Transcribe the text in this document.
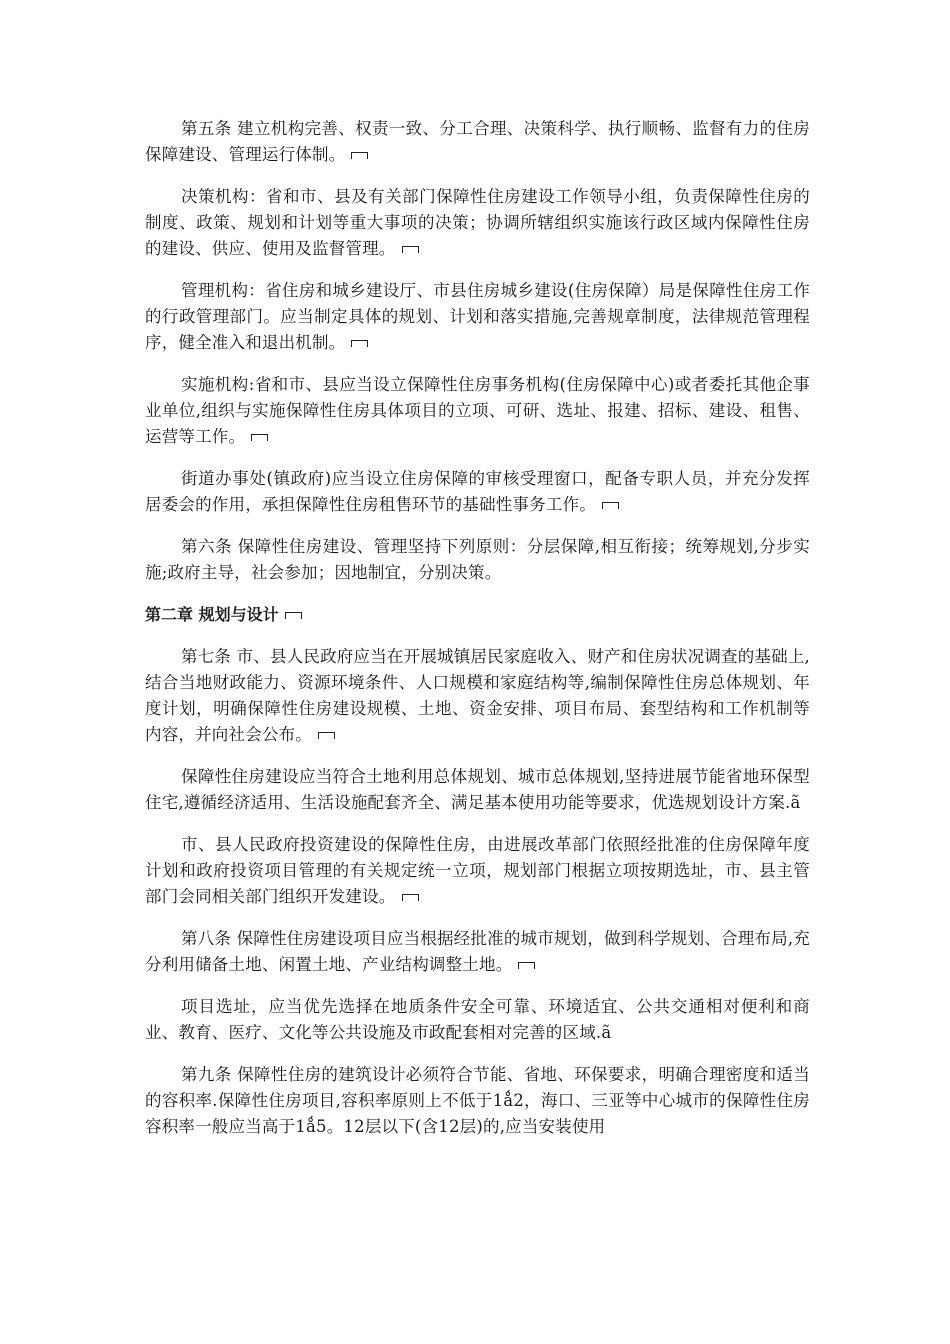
第五条 建立机构完善、权责一致、分工合理、决策科学、执行顺畅、监督有力的住房保障建设、管理运行体制。

决策机构：省和市、县及有关部门保障性住房建设工作领导小组，负责保障性住房的制度、政策、规划和计划等重大事项的决策；协调所辖组织实施该行政区域内保障性住房的建设、供应、使用及监督管理。

管理机构：省住房和城乡建设厅、市县住房城乡建设(住房保障）局是保障性住房工作的行政管理部门。应当制定具体的规划、计划和落实措施,完善规章制度，法律规范管理程序，健全准入和退出机制。

实施机构:省和市、县应当设立保障性住房事务机构(住房保障中心)或者委托其他企事业单位,组织与实施保障性住房具体项目的立项、可研、选址、报建、招标、建设、租售、运营等工作。

街道办事处(镇政府)应当设立住房保障的审核受理窗口，配备专职人员，并充分发挥居委会的作用，承担保障性住房租售环节的基础性事务工作。

第六条 保障性住房建设、管理坚持下列原则：分层保障,相互衔接；统筹规划,分步实施;政府主导，社会参加；因地制宜，分别决策。

第二章 规划与设计

第七条 市、县人民政府应当在开展城镇居民家庭收入、财产和住房状况调查的基础上,结合当地财政能力、资源环境条件、人口规模和家庭结构等,编制保障性住房总体规划、年度计划，明确保障性住房建设规模、土地、资金安排、项目布局、套型结构和工作机制等内容，并向社会公布。

保障性住房建设应当符合土地利用总体规划、城市总体规划,坚持进展节能省地环保型住宅,遵循经济适用、生活设施配套齐全、满足基本使用功能等要求，优选规划设计方案.ã

市、县人民政府投资建设的保障性住房，由进展改革部门依照经批准的住房保障年度计划和政府投资项目管理的有关规定统一立项，规划部门根据立项按期选址，市、县主管部门会同相关部门组织开发建设。

第八条 保障性住房建设项目应当根据经批准的城市规划，做到科学规划、合理布局,充分利用储备土地、闲置土地、产业结构调整土地。

项目选址，应当优先选择在地质条件安全可靠、环境适宜、公共交通相对便利和商业、教育、医疗、文化等公共设施及市政配套相对完善的区域.ã

第九条 保障性住房的建筑设计必须符合节能、省地、环保要求，明确合理密度和适当的容积率.保障性住房项目,容积率原则上不低于1ǻ2，海口、三亚等中心城市的保障性住房容积率一般应当高于1ǻ5。12层以下(含12层)的,应当安装使用
